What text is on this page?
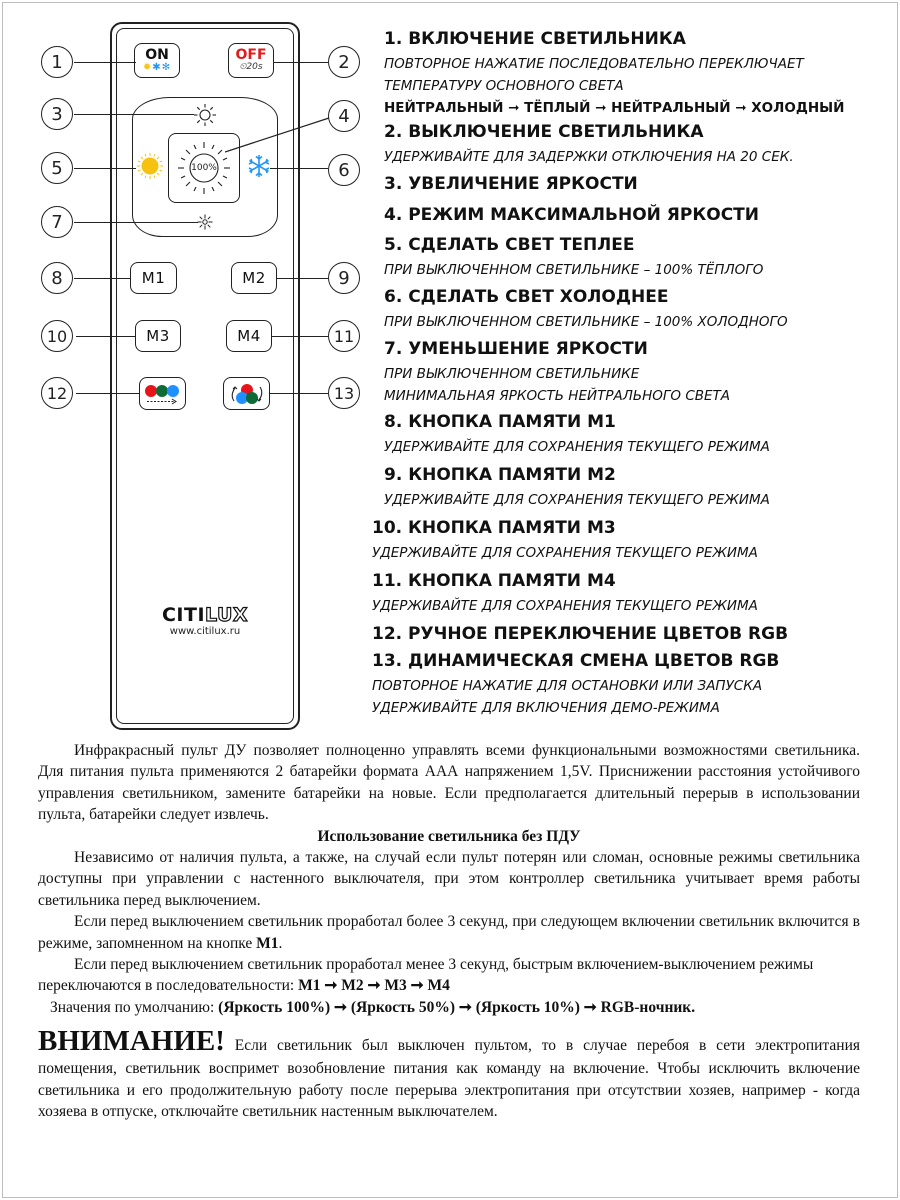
ON
✹✱✻
OFF
⏲20s
100%
M1	M2
M3	M4
CITILUX
www.citilux.ru
1	2
3	4
5	6
7
8	9
10	11
12	13
1. ВКЛЮЧЕНИЕ СВЕТИЛЬНИКА
ПОВТОРНОЕ НАЖАТИЕ ПОСЛЕДОВАТЕЛЬНО ПЕРЕКЛЮЧАЕТ
ТЕМПЕРАТУРУ ОСНОВНОГО СВЕТА
НЕЙТРАЛЬНЫЙ ➞ ТЁПЛЫЙ ➞ НЕЙТРАЛЬНЫЙ ➞ ХОЛОДНЫЙ
2. ВЫКЛЮЧЕНИЕ СВЕТИЛЬНИКА
УДЕРЖИВАЙТЕ ДЛЯ ЗАДЕРЖКИ ОТКЛЮЧЕНИЯ НА 20 СЕК.
3. УВЕЛИЧЕНИЕ ЯРКОСТИ
4. РЕЖИМ МАКСИМАЛЬНОЙ ЯРКОСТИ
5. СДЕЛАТЬ СВЕТ ТЕПЛЕЕ
ПРИ ВЫКЛЮЧЕННОМ СВЕТИЛЬНИКЕ – 100% ТЁПЛОГО
6. СДЕЛАТЬ СВЕТ ХОЛОДНЕЕ
ПРИ ВЫКЛЮЧЕННОМ СВЕТИЛЬНИКЕ – 100% ХОЛОДНОГО
7. УМЕНЬШЕНИЕ ЯРКОСТИ
ПРИ ВЫКЛЮЧЕННОМ СВЕТИЛЬНИКЕ
МИНИМАЛЬНАЯ ЯРКОСТЬ НЕЙТРАЛЬНОГО СВЕТА
8. КНОПКА ПАМЯТИ М1
УДЕРЖИВАЙТЕ ДЛЯ СОХРАНЕНИЯ ТЕКУЩЕГО РЕЖИМА
9. КНОПКА ПАМЯТИ М2
УДЕРЖИВАЙТЕ ДЛЯ СОХРАНЕНИЯ ТЕКУЩЕГО РЕЖИМА
10. КНОПКА ПАМЯТИ М3
УДЕРЖИВАЙТЕ ДЛЯ СОХРАНЕНИЯ ТЕКУЩЕГО РЕЖИМА
11. КНОПКА ПАМЯТИ М4
УДЕРЖИВАЙТЕ ДЛЯ СОХРАНЕНИЯ ТЕКУЩЕГО РЕЖИМА
12. РУЧНОЕ ПЕРЕКЛЮЧЕНИЕ ЦВЕТОВ RGB
13. ДИНАМИЧЕСКАЯ СМЕНА ЦВЕТОВ RGB
ПОВТОРНОЕ НАЖАТИЕ ДЛЯ ОСТАНОВКИ ИЛИ ЗАПУСКА
УДЕРЖИВАЙТЕ ДЛЯ ВКЛЮЧЕНИЯ ДЕМО-РЕЖИМА

Инфракрасный пульт ДУ позволяет полноценно управлять всеми функциональными возможностями светильника. Для питания пульта применяются 2 батарейки формата ААА напряжением 1,5V. Приснижении расстояния устойчивого управления светильником, замените батарейки на новые. Если предполагается длительный перерыв в использовании пульта, батарейки следует извлечь.

Использование светильника без ПДУ

Независимо от наличия пульта, а также, на случай если пульт потерян или сломан, основные режимы светильника доступны при управлении с настенного выключателя, при этом контроллер светильника учитывает время работы светильника перед выключением.

Если перед выключением светильник проработал более 3 секунд, при следующем включении светильник включится в режиме, запомненном на кнопке М1.

Если перед выключением светильник проработал менее 3 секунд, быстрым включением-выключением режимы переключаются в последовательности: М1 ➞ М2 ➞ М3 ➞ М4

Значения по умолчанию: (Яркость 100%) ➞ (Яркость 50%) ➞ (Яркость 10%) ➞ RGB-ночник.

ВНИМАНИЕ! Если светильник был выключен пультом, то в случае перебоя в сети электропитания помещения, светильник воспримет возобновление питания как команду на включение. Чтобы исключить включение светильника и его продолжительную работу после перерыва электропитания при отсутствии хозяев, например - когда хозяева в отпуске, отключайте светильник настенным выключателем.
